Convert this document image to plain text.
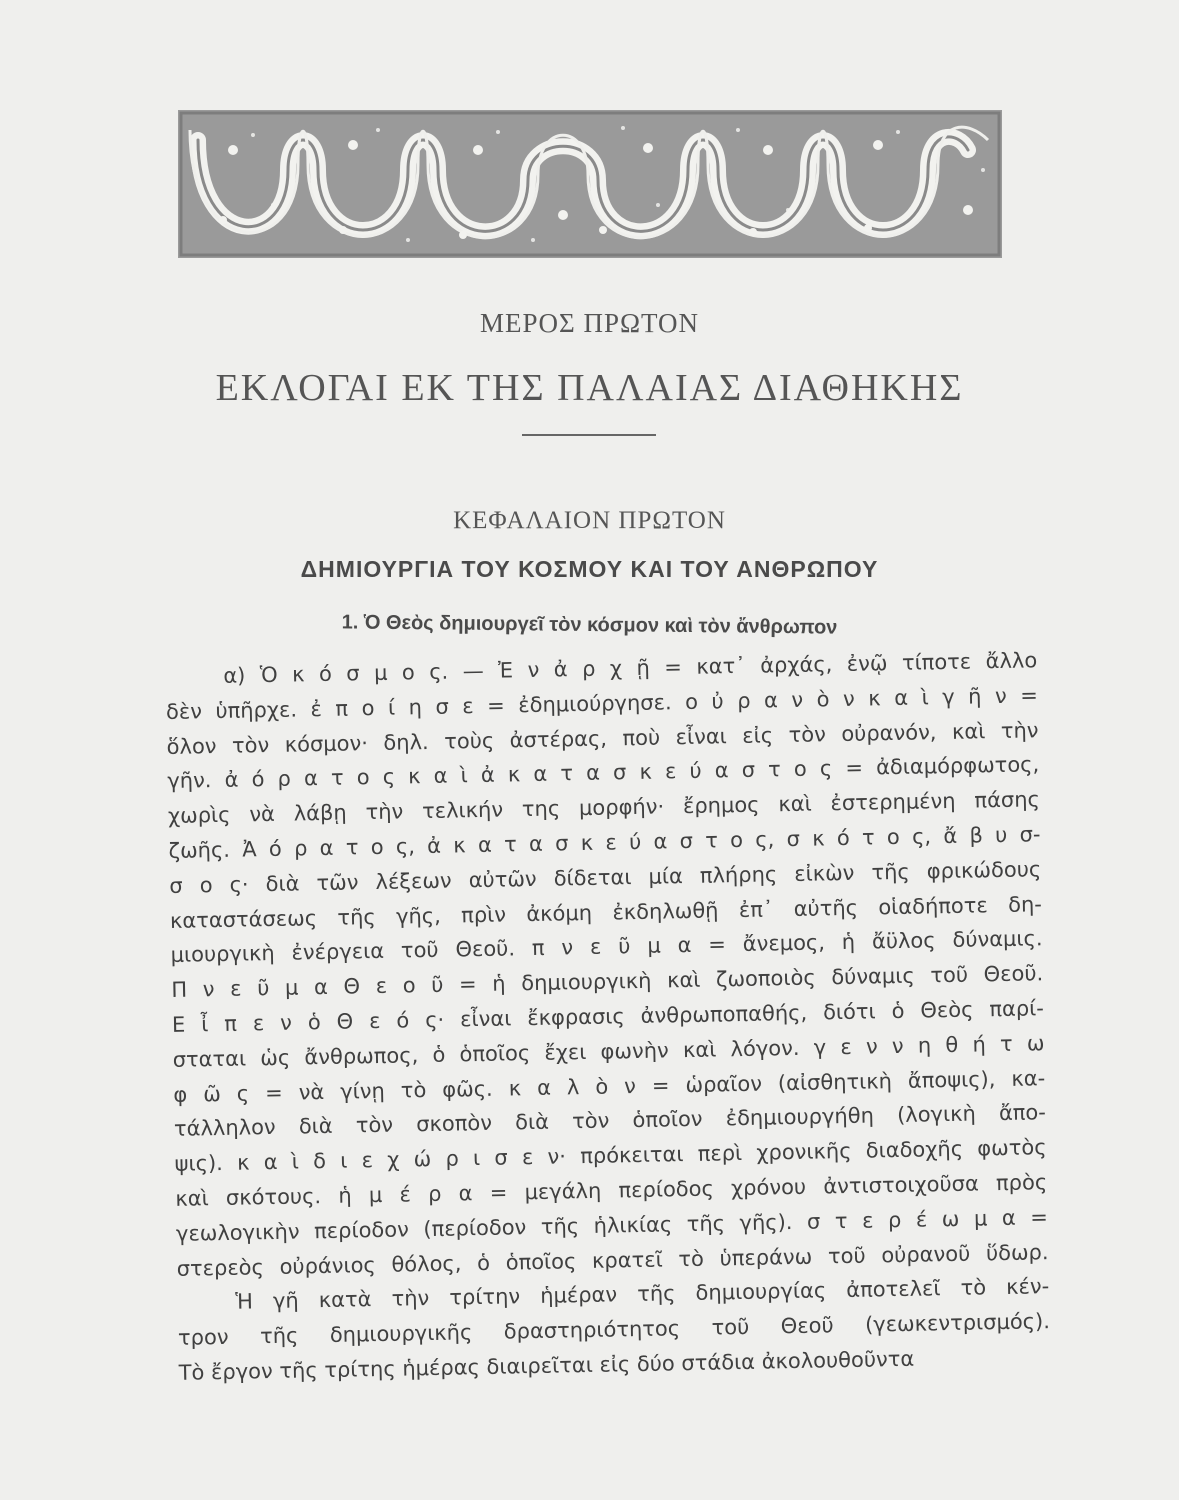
ΜΕΡΟΣ ΠΡΩΤΟΝ
ΕΚΛΟΓΑΙ ΕΚ ΤΗΣ ΠΑΛΑΙΑΣ ΔΙΑΘΗΚΗΣ
ΚΕΦΑΛΑΙΟΝ ΠΡΩΤΟΝ
ΔΗΜΙΟΥΡΓΙΑ ΤΟΥ ΚΟΣΜΟΥ ΚΑΙ ΤΟΥ ΑΝΘΡΩΠΟΥ
1. Ὁ Θεὸς δημιουργεῖ τὸν κόσμον καὶ τὸν ἄνθρωπον
α) Ὁ κ ό σ μ ο ς. — Ἐ ν ἀ ρ χ ῇ = κατ᾽ ἀρχάς, ἐνῷ τίποτε ἄλλο
δὲν ὑπῆρχε. ἐ π ο ί η σ ε = ἐδημιούργησε. ο ὐ ρ α ν ὸ ν κ α ὶ γ ῆ ν =
ὅλον τὸν κόσμον· δηλ. τοὺς ἀστέρας, ποὺ εἶναι εἰς τὸν οὐρανόν, καὶ τὴν
γῆν. ἀ ό ρ α τ ο ς κ α ὶ ἀ κ α τ α σ κ ε ύ α σ τ ο ς = ἀδιαμόρφωτος,
χωρὶς νὰ λάβῃ τὴν τελικήν της μορφήν· ἔρημος καὶ ἐστερημένη πάσης
ζωῆς. Ἀ ό ρ α τ ο ς, ἀ κ α τ α σ κ ε ύ α σ τ ο ς, σ κ ό τ ο ς, ἄ β υ σ-
σ ο ς· διὰ τῶν λέξεων αὐτῶν δίδεται μία πλήρης εἰκὼν τῆς φρικώδους
καταστάσεως τῆς γῆς, πρὶν ἀκόμη ἐκδηλωθῇ ἐπ᾽ αὐτῆς οἱαδήποτε δη-
μιουργικὴ ἐνέργεια τοῦ Θεοῦ. π ν ε ῦ μ α = ἄνεμος, ἡ ἄϋλος δύναμις.
Π ν ε ῦ μ α Θ ε ο ῦ = ἡ δημιουργικὴ καὶ ζωοποιὸς δύναμις τοῦ Θεοῦ.
Ε ἶ π ε ν ὁ Θ ε ό ς· εἶναι ἔκφρασις ἀνθρωποπαθής, διότι ὁ Θεὸς παρί-
σταται ὡς ἄνθρωπος, ὁ ὁποῖος ἔχει φωνὴν καὶ λόγον. γ ε ν ν η θ ή τ ω
φ ῶ ς = νὰ γίνῃ τὸ φῶς. κ α λ ὸ ν = ὡραῖον (αἰσθητικὴ ἄποψις), κα-
τάλληλον διὰ τὸν σκοπὸν διὰ τὸν ὁποῖον ἐδημιουργήθη (λογικὴ ἄπο-
ψις). κ α ὶ δ ι ε χ ώ ρ ι σ ε ν· πρόκειται περὶ χρονικῆς διαδοχῆς φωτὸς
καὶ σκότους. ἡ μ έ ρ α = μεγάλη περίοδος χρόνου ἀντιστοιχοῦσα πρὸς
γεωλογικὴν περίοδον (περίοδον τῆς ἡλικίας τῆς γῆς). σ τ ε ρ έ ω μ α =
στερεὸς οὐράνιος θόλος, ὁ ὁποῖος κρατεῖ τὸ ὑπεράνω τοῦ οὐρανοῦ ὕδωρ.
Ἡ γῆ κατὰ τὴν τρίτην ἡμέραν τῆς δημιουργίας ἀποτελεῖ τὸ κέν-
τρον τῆς δημιουργικῆς δραστηριότητος τοῦ Θεοῦ (γεωκεντρισμός).
Τὸ ἔργον τῆς τρίτης ἡμέρας διαιρεῖται εἰς δύο στάδια ἀκολουθοῦντα
